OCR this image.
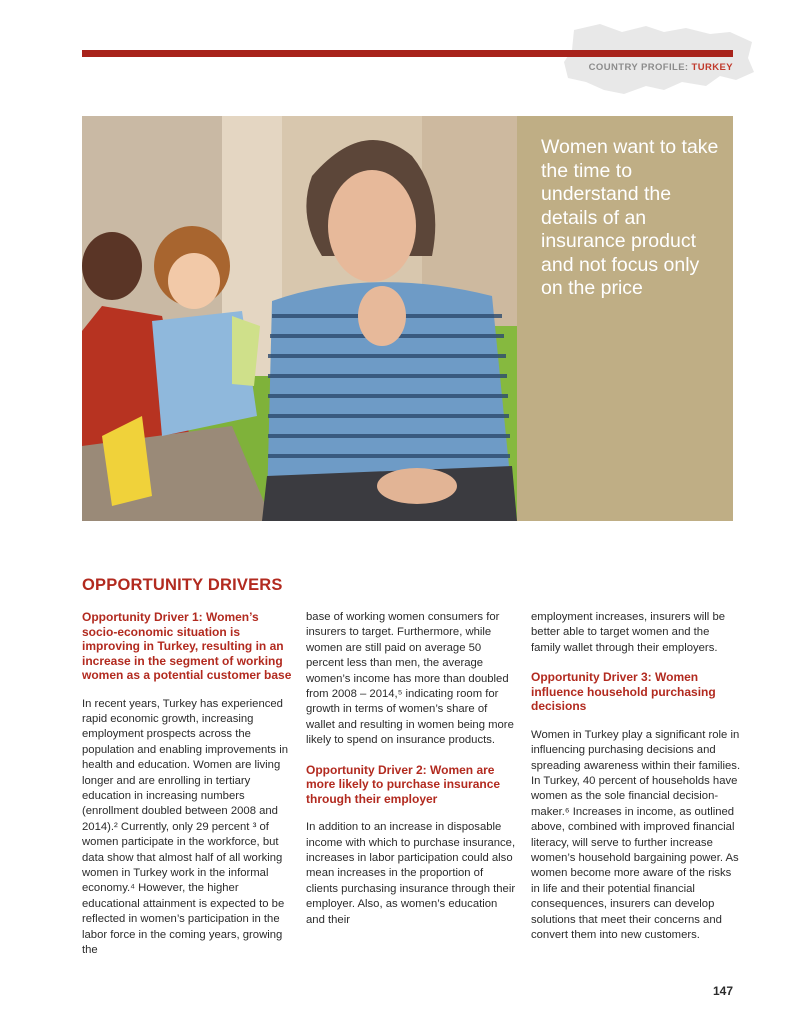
COUNTRY PROFILE: TURKEY
Women want to take the time to understand the details of an insurance product and not focus only on the price
OPPORTUNITY DRIVERS

Opportunity Driver 1: Women’s socio-economic situation is improving in Turkey, resulting in an increase in the segment of working women as a potential customer base

In recent years, Turkey has experienced rapid economic growth, increasing employment prospects across the population and enabling improvements in health and education. Women are living longer and are enrolling in tertiary education in increasing numbers (enrollment doubled between 2008 and 2014).² Currently, only 29 percent ³ of women participate in the workforce, but data show that almost half of all working women in Turkey work in the informal economy.⁴ However, the higher educational attainment is expected to be reflected in women’s participation in the labor force in the coming years, growing the

base of working women consumers for insurers to target. Furthermore, while women are still paid on average 50 percent less than men, the average women’s income has more than doubled from 2008 – 2014,⁵ indicating room for growth in terms of women’s share of wallet and resulting in women being more likely to spend on insurance products.

Opportunity Driver 2: Women are more likely to purchase insurance through their employer

In addition to an increase in disposable income with which to purchase insurance, increases in labor participation could also mean increases in the proportion of clients purchasing insurance through their employer. Also, as women’s education and their

employment increases, insurers will be better able to target women and the family wallet through their employers.

Opportunity Driver 3: Women influence household purchasing decisions

Women in Turkey play a significant role in influencing purchasing decisions and spreading awareness within their families. In Turkey, 40 percent of households have women as the sole financial decision-maker.⁶ Increases in income, as outlined above, combined with improved financial literacy, will serve to further increase women’s household bargaining power. As women become more aware of the risks in life and their potential financial consequences, insurers can develop solutions that meet their concerns and convert them into new customers.

147
